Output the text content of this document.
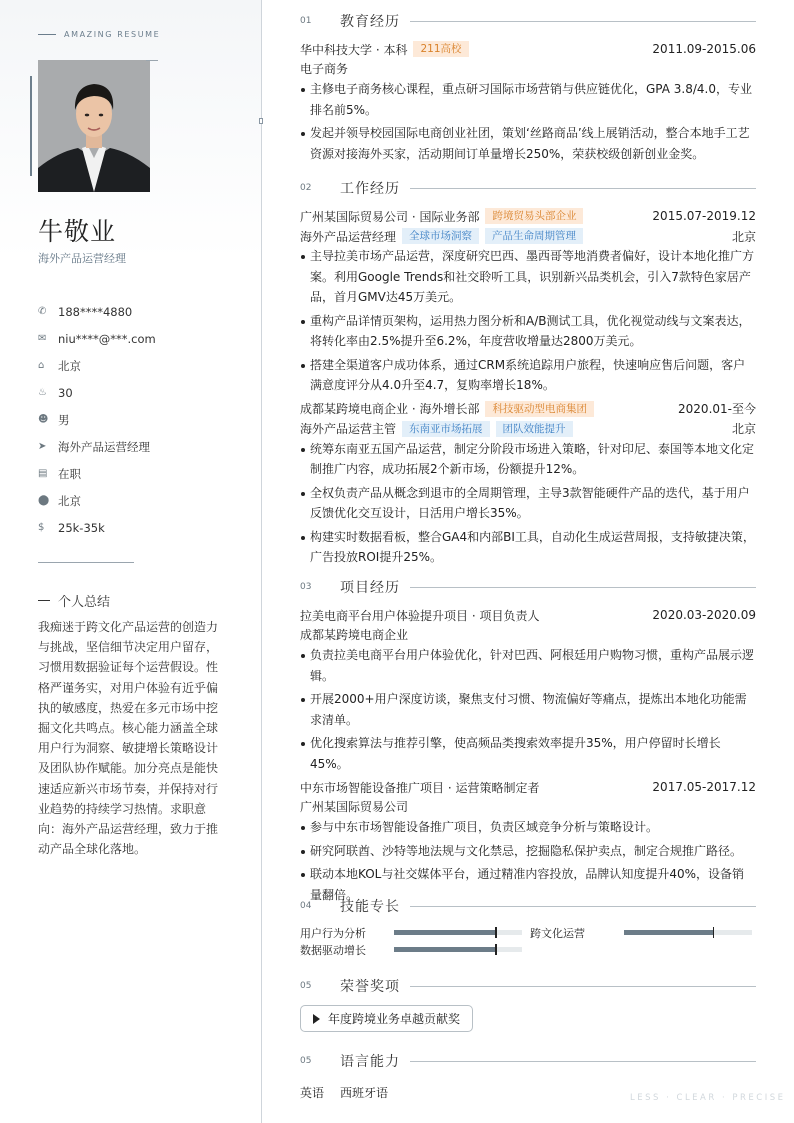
AMAZING RESUME
牛敬业
海外产品运营经理
✆	188****4880
✉	niu****@***.com
⌂	北京
♨ 30
☻ 男
➤	海外产品运营经理
▤ 在职
⬤ 北京
$	25k-35k
个人总结
我痴迷于跨文化产品运营的创造力与挑战，坚信细节决定用户留存，习惯用数据验证每个运营假设。性格严谨务实，对用户体验有近乎偏执的敏感度，热爱在多元市场中挖掘文化共鸣点。核心能力涵盖全球用户行为洞察、敏捷增长策略设计及团队协作赋能。加分亮点是能快速适应新兴市场节奏，并保持对行业趋势的持续学习热情。求职意向：海外产品运营经理，致力于推动产品全球化落地。
01	教育经历
华中科技大学 · 本科	211高校	2011.09-2015.06
电子商务
主修电子商务核心课程，重点研习国际市场营销与供应链优化，GPA 3.8/4.0，专业排名前5%。
发起并领导校园国际电商创业社团，策划‘丝路商品’线上展销活动，整合本地手工艺资源对接海外买家，活动期间订单量增长250%，荣获校级创新创业金奖。
02	工作经历
广州某国际贸易公司 · 国际业务部	跨境贸易头部企业	2015.07-2019.12
海外产品运营经理	全球市场洞察	产品生命周期管理	北京
主导拉美市场产品运营，深度研究巴西、墨西哥等地消费者偏好，设计本地化推广方案。利用Google Trends和社交聆听工具，识别新兴品类机会，引入7款特色家居产品，首月GMV达45万美元。
重构产品详情页架构，运用热力图分析和A/B测试工具，优化视觉动线与文案表达，将转化率由2.5%提升至6.2%，年度营收增量达2800万美元。
搭建全渠道客户成功体系，通过CRM系统追踪用户旅程，快速响应售后问题，客户满意度评分从4.0升至4.7，复购率增长18%。
成都某跨境电商企业 · 海外增长部	科技驱动型电商集团	2020.01-至今
海外产品运营主管	东南亚市场拓展	团队效能提升	北京
统筹东南亚五国产品运营，制定分阶段市场进入策略，针对印尼、泰国等本地文化定制推广内容，成功拓展2个新市场，份额提升12%。
全权负责产品从概念到退市的全周期管理，主导3款智能硬件产品的迭代，基于用户反馈优化交互设计，日活用户增长35%。
构建实时数据看板，整合GA4和内部BI工具，自动化生成运营周报，支持敏捷决策，广告投放ROI提升25%。
03	项目经历
拉美电商平台用户体验提升项目 · 项目负责人	2020.03-2020.09
成都某跨境电商企业
负责拉美电商平台用户体验优化，针对巴西、阿根廷用户购物习惯，重构产品展示逻辑。
开展2000+用户深度访谈，聚焦支付习惯、物流偏好等痛点，提炼出本地化功能需求清单。
优化搜索算法与推荐引擎，使高频品类搜索效率提升35%，用户停留时长增长45%。
中东市场智能设备推广项目 · 运营策略制定者	2017.05-2017.12
广州某国际贸易公司
参与中东市场智能设备推广项目，负责区域竞争分析与策略设计。
研究阿联酋、沙特等地法规与文化禁忌，挖掘隐私保护卖点，制定合规推广路径。
联动本地KOL与社交媒体平台，通过精准内容投放，品牌认知度提升40%，设备销量翻倍。
04	技能专长
用户行为分析	跨文化运营
数据驱动增长
05	荣誉奖项
年度跨境业务卓越贡献奖
05	语言能力
英语 西班牙语	LESS · CLEAR · PRECISE
